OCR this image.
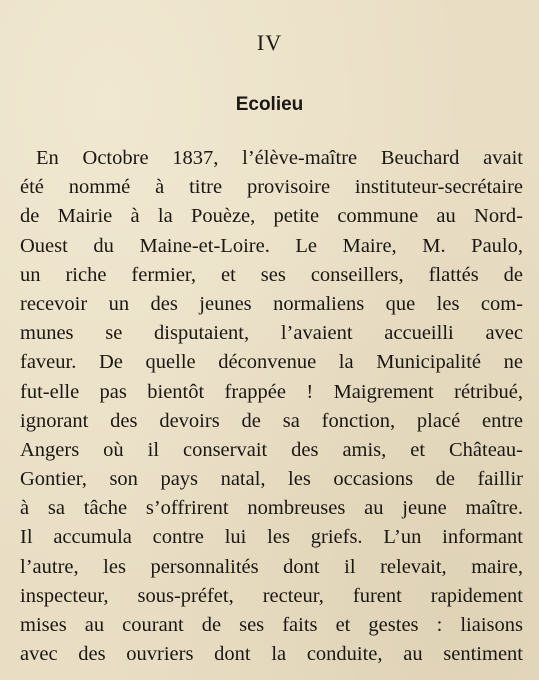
IV
Ecolieu
En Octobre 1837, l’élève-maître Beuchard avait
été nommé à titre provisoire instituteur-secrétaire
de Mairie à la Pouèze, petite commune au Nord-
Ouest du Maine-et-Loire. Le Maire, M. Paulo,
un riche fermier, et ses conseillers, flattés de
recevoir un des jeunes normaliens que les com-
munes se disputaient, l’avaient accueilli avec
faveur. De quelle déconvenue la Municipalité ne
fut-elle pas bientôt frappée ! Maigrement rétribué,
ignorant des devoirs de sa fonction, placé entre
Angers où il conservait des amis, et Château-
Gontier, son pays natal, les occasions de faillir
à sa tâche s’offrirent nombreuses au jeune maître.
Il accumula contre lui les griefs. L’un informant
l’autre, les personnalités dont il relevait, maire,
inspecteur, sous-préfet, recteur, furent rapidement
mises au courant de ses faits et gestes : liaisons
avec des ouvriers dont la conduite, au sentiment
